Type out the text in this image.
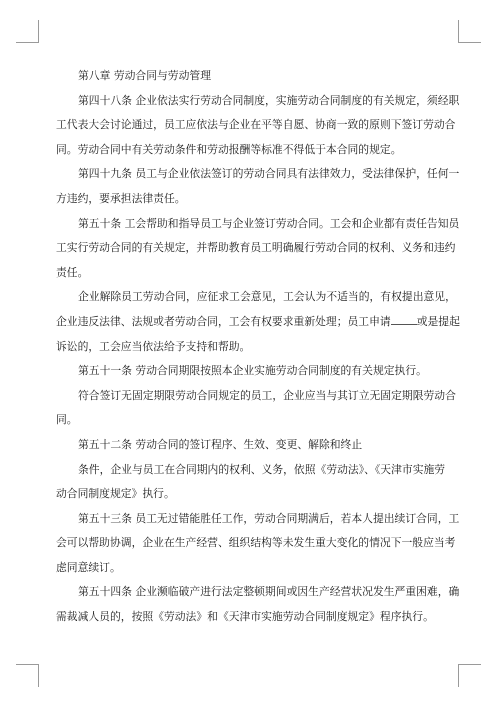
第八章 劳动合同与劳动管理
第四十八条 企业依法实行劳动合同制度，实施劳动合同制度的有关规定，须经职
工代表大会讨论通过，员工应依法与企业在平等自愿、协商一致的原则下签订劳动合
同。劳动合同中有关劳动条件和劳动报酬等标准不得低于本合同的规定。
第四十九条 员工与企业依法签订的劳动合同具有法律效力，受法律保护，任何一
方违约，要承担法律责任。
第五十条 工会帮助和指导员工与企业签订劳动合同。工会和企业都有责任告知员
工实行劳动合同的有关规定，并帮助教育员工明确履行劳动合同的权利、义务和违约
责任。
企业解除员工劳动合同，应征求工会意见，工会认为不适当的，有权提出意见，
企业违反法律、法规或者劳动合同，工会有权要求重新处理；员工申请 或是提起
诉讼的，工会应当依法给予支持和帮助。
第五十一条 劳动合同期限按照本企业实施劳动合同制度的有关规定执行。
符合签订无固定期限劳动合同规定的员工，企业应当与其订立无固定期限劳动合
同。
第五十二条 劳动合同的签订程序、生效、变更、解除和终止
条件，企业与员工在合同期内的权利、义务，依照《劳动法》、《天津市实施劳
动合同制度规定》执行。
第五十三条 员工无过错能胜任工作，劳动合同期满后，若本人提出续订合同，工
会可以帮助协调，企业在生产经营、组织结构等未发生重大变化的情况下一般应当考
虑同意续订。
第五十四条 企业濒临破产进行法定整顿期间或因生产经营状况发生严重困难，确
需裁减人员的，按照《劳动法》和《天津市实施劳动合同制度规定》程序执行。
